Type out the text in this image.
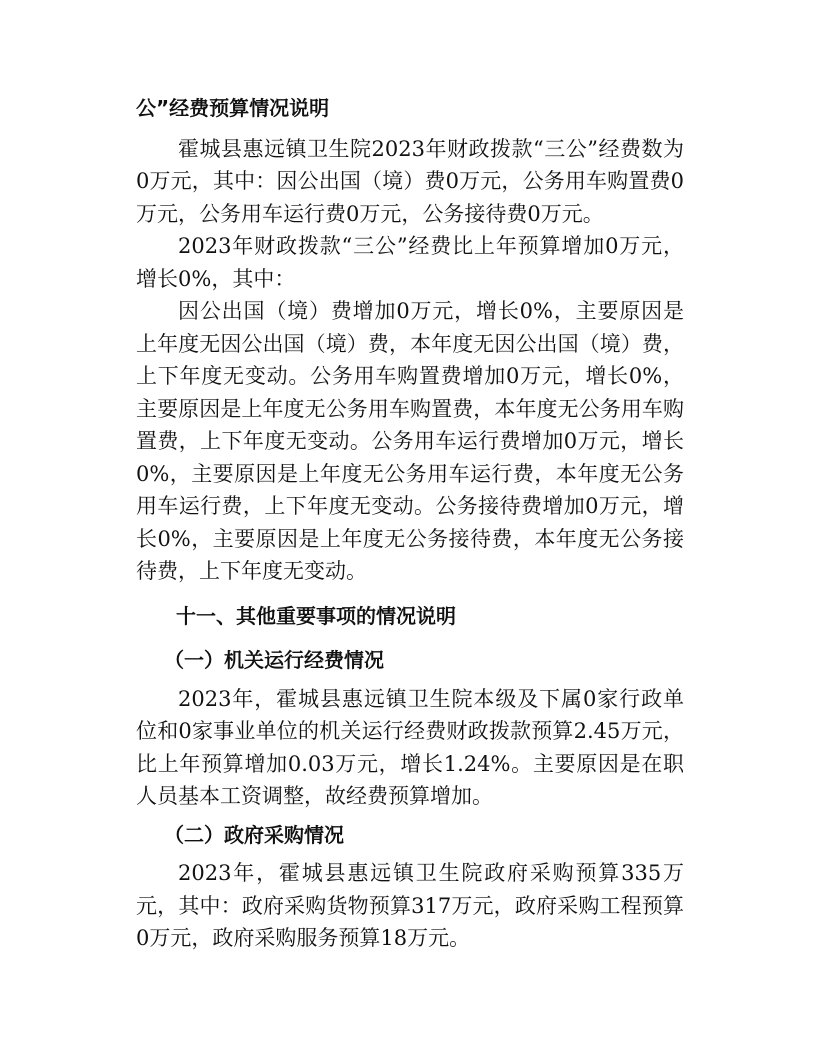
公”经费预算情况说明

霍城县惠远镇卫生院2023年财政拨款“三公”经费数为0万元，其中：因公出国（境）费0万元，公务用车购置费0万元，公务用车运行费0万元，公务接待费0万元。

2023年财政拨款“三公”经费比上年预算增加0万元，增长0%，其中：

因公出国（境）费增加0万元，增长0%，主要原因是上年度无因公出国（境）费，本年度无因公出国（境）费，上下年度无变动。公务用车购置费增加0万元，增长0%，主要原因是上年度无公务用车购置费，本年度无公务用车购置费，上下年度无变动。公务用车运行费增加0万元，增长0%，主要原因是上年度无公务用车运行费，本年度无公务用车运行费，上下年度无变动。公务接待费增加0万元，增长0%，主要原因是上年度无公务接待费，本年度无公务接待费，上下年度无变动。

十一、其他重要事项的情况说明
（一）机关运行经费情况

2023年，霍城县惠远镇卫生院本级及下属0家行政单位和0家事业单位的机关运行经费财政拨款预算2.45万元，比上年预算增加0.03万元，增长1.24%。主要原因是在职人员基本工资调整，故经费预算增加。

（二）政府采购情况

2023年，霍城县惠远镇卫生院政府采购预算335万元，其中：政府采购货物预算317万元，政府采购工程预算0万元，政府采购服务预算18万元。
